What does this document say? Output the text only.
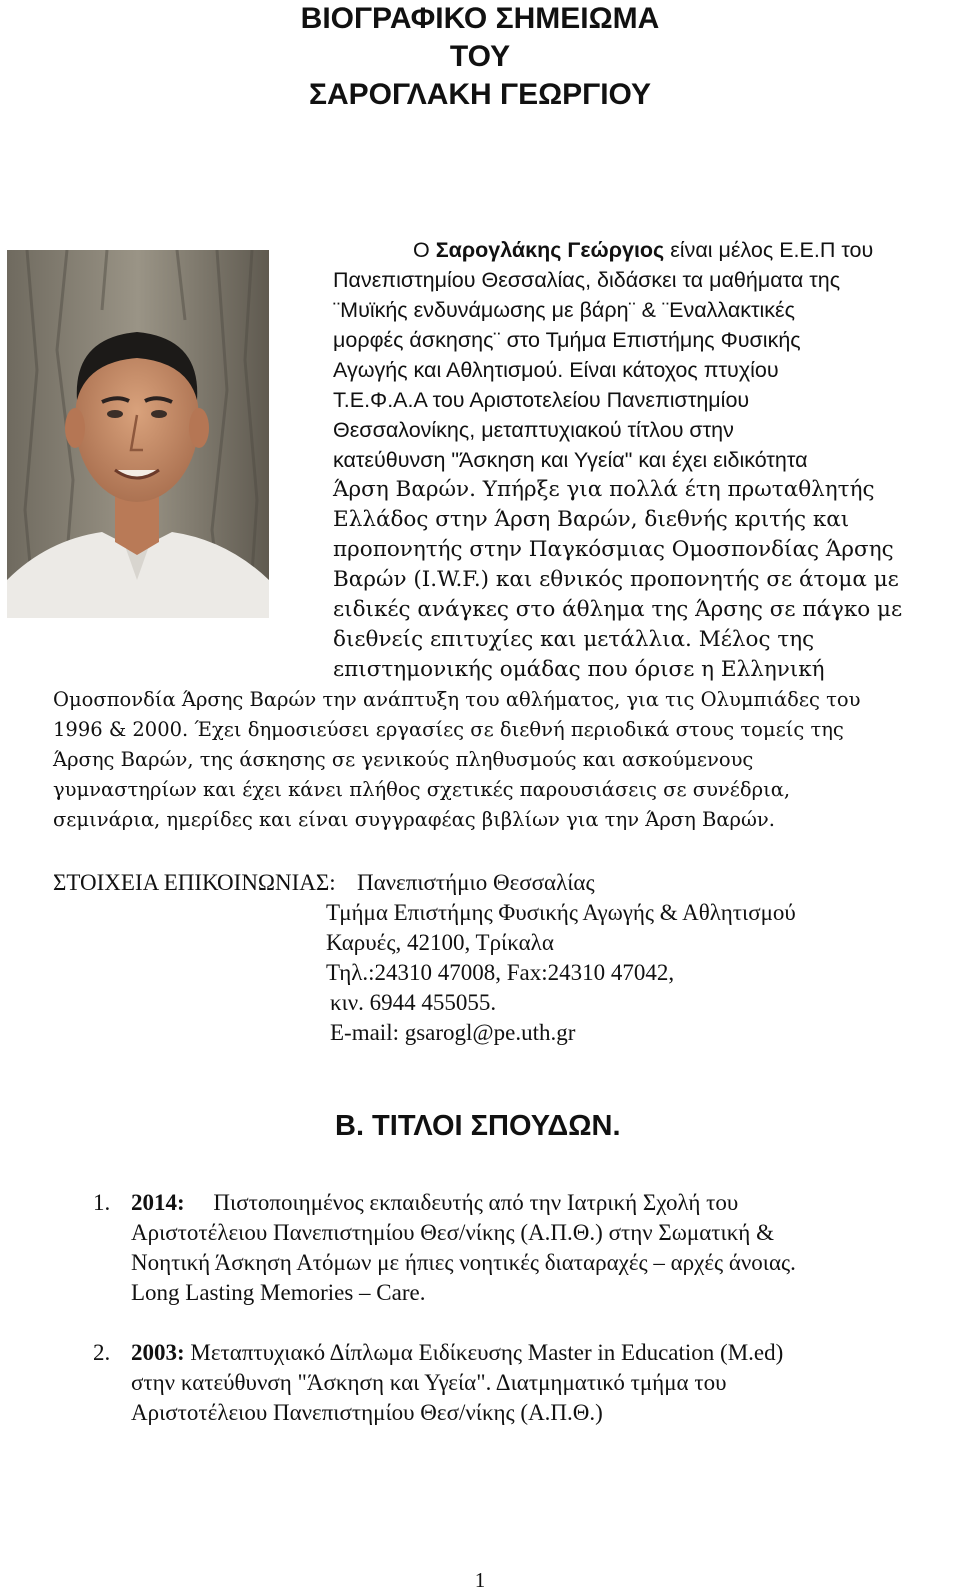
ΒΙΟΓΡΑΦΙΚΟ ΣΗΜΕΙΩΜΑ
ΤΟΥ
ΣΑΡΟΓΛΑΚΗ ΓΕΩΡΓΙΟΥ
Ο Σαρογλάκης Γεώργιος είναι μέλος Ε.Ε.Π του
Πανεπιστημίου Θεσσαλίας, διδάσκει τα μαθήματα της
¨Μυϊκής ενδυνάμωσης με βάρη¨ & ¨Εναλλακτικές
μορφές άσκησης¨ στο Τμήμα Επιστήμης Φυσικής
Αγωγής και Αθλητισμού. Είναι κάτοχος πτυχίου
Τ.Ε.Φ.Α.Α του Αριστοτελείου Πανεπιστημίου
Θεσσαλονίκης, μεταπτυχιακού τίτλου στην
κατεύθυνση "Άσκηση και Υγεία" και έχει ειδικότητα
Άρση Βαρών. Υπήρξε για πολλά έτη πρωταθλητής
Ελλάδος στην Άρση Βαρών, διεθνής κριτής και
προπονητής στην Παγκόσμιας Ομοσπονδίας Άρσης
Βαρών (I.W.F.) και εθνικός προπονητής σε άτομα με
ειδικές ανάγκες στο άθλημα της Άρσης σε πάγκο με
διεθνείς επιτυχίες και μετάλλια. Μέλος της
επιστημονικής ομάδας που όρισε η Ελληνική
Ομοσπονδία Άρσης Βαρών την ανάπτυξη του αθλήματος, για τις Ολυμπιάδες του
1996 & 2000. Έχει δημοσιεύσει εργασίες σε διεθνή περιοδικά στους τομείς της
Άρσης Βαρών, της άσκησης σε γενικούς πληθυσμούς και ασκούμενους
γυμναστηρίων και έχει κάνει πλήθος σχετικές παρουσιάσεις σε συνέδρια,
σεμινάρια, ημερίδες και είναι συγγραφέας βιβλίων για την Άρση Βαρών.
ΣΤΟΙΧΕΙΑ ΕΠΙΚΟΙΝΩΝΙΑΣ: Πανεπιστήμιο Θεσσαλίας
Τμήμα Επιστήμης Φυσικής Αγωγής & Αθλητισμού
Καρυές, 42100, Τρίκαλα
Τηλ.:24310 47008, Fax:24310 47042,
κιν. 6944 455055.
E-mail: gsarogl@pe.uth.gr
Β. ΤΙΤΛΟΙ ΣΠΟΥΔΩΝ.
1. 2014: Πιστοποιημένος εκπαιδευτής από την Ιατρική Σχολή του
Αριστοτέλειου Πανεπιστημίου Θεσ/νίκης (Α.Π.Θ.) στην Σωματική &
Νοητική Άσκηση Ατόμων με ήπιες νοητικές διαταραχές – αρχές άνοιας.
Long Lasting Memories – Care.
2. 2003: Μεταπτυχιακό Δίπλωμα Ειδίκευσης Master in Education (M.ed)
στην κατεύθυνση "Άσκηση και Υγεία". Διατμηματικό τμήμα του
Αριστοτέλειου Πανεπιστημίου Θεσ/νίκης (Α.Π.Θ.)
1
